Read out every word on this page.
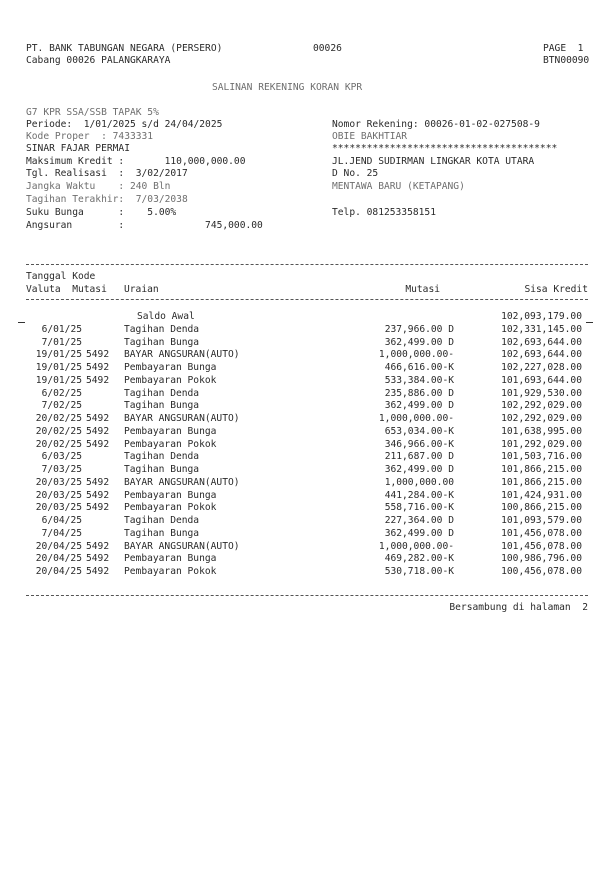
PT. BANK TABUNGAN NEGARA (PERSERO)	00026	PAGE  1
Cabang 00026 PALANGKARAYA	BTN00090
SALINAN REKENING KORAN KPR
G7 KPR SSA/SSB TAPAK 5%
Periode:  1/01/2025 s/d 24/04/2025
Kode Proper  : 7433331
SINAR FAJAR PERMAI
Maksimum Kredit :       110,000,000.00
Tgl. Realisasi  :  3/02/2017
Jangka Waktu    : 240 Bln
Tagihan Terakhir:  7/03/2038
Suku Bunga      :    5.00%
Angsuran        :              745,000.00
Nomor Rekening: 00026-01-02-027508-9
OBIE BAKHTIAR
***************************************
JL.JEND SUDIRMAN LINGKAR KOTA UTARA
D No. 25
MENTAWA BARU (KETAPANG)
Telp. 081253358151
Tanggal Kode
Valuta  Mutasi Uraian	Mutasi	Sisa Kredit
Saldo Awal	102,093,179.00
6/01/25	Tagihan Denda	237,966.00 D	102,331,145.00
7/01/25	Tagihan Bunga	362,499.00 D	102,693,644.00
19/01/25 5492 BAYAR ANGSURAN(AUTO)	1,000,000.00-	102,693,644.00
19/01/25 5492 Pembayaran Bunga	466,616.00-K	102,227,028.00
19/01/25 5492 Pembayaran Pokok	533,384.00-K	101,693,644.00
6/02/25	Tagihan Denda	235,886.00 D	101,929,530.00
7/02/25	Tagihan Bunga	362,499.00 D	102,292,029.00
20/02/25 5492 BAYAR ANGSURAN(AUTO)	1,000,000.00-	102,292,029.00
20/02/25 5492 Pembayaran Bunga	653,034.00-K	101,638,995.00
20/02/25 5492 Pembayaran Pokok	346,966.00-K	101,292,029.00
6/03/25	Tagihan Denda	211,687.00 D	101,503,716.00
7/03/25	Tagihan Bunga	362,499.00 D	101,866,215.00
20/03/25 5492 BAYAR ANGSURAN(AUTO)	1,000,000.00	101,866,215.00
20/03/25 5492 Pembayaran Bunga	441,284.00-K	101,424,931.00
20/03/25 5492 Pembayaran Pokok	558,716.00-K	100,866,215.00
6/04/25	Tagihan Denda	227,364.00 D	101,093,579.00
7/04/25	Tagihan Bunga	362,499.00 D	101,456,078.00
20/04/25 5492 BAYAR ANGSURAN(AUTO)	1,000,000.00-	101,456,078.00
20/04/25 5492 Pembayaran Bunga	469,282.00-K	100,986,796.00
20/04/25 5492 Pembayaran Pokok	530,718.00-K	100,456,078.00
Bersambung di halaman  2
